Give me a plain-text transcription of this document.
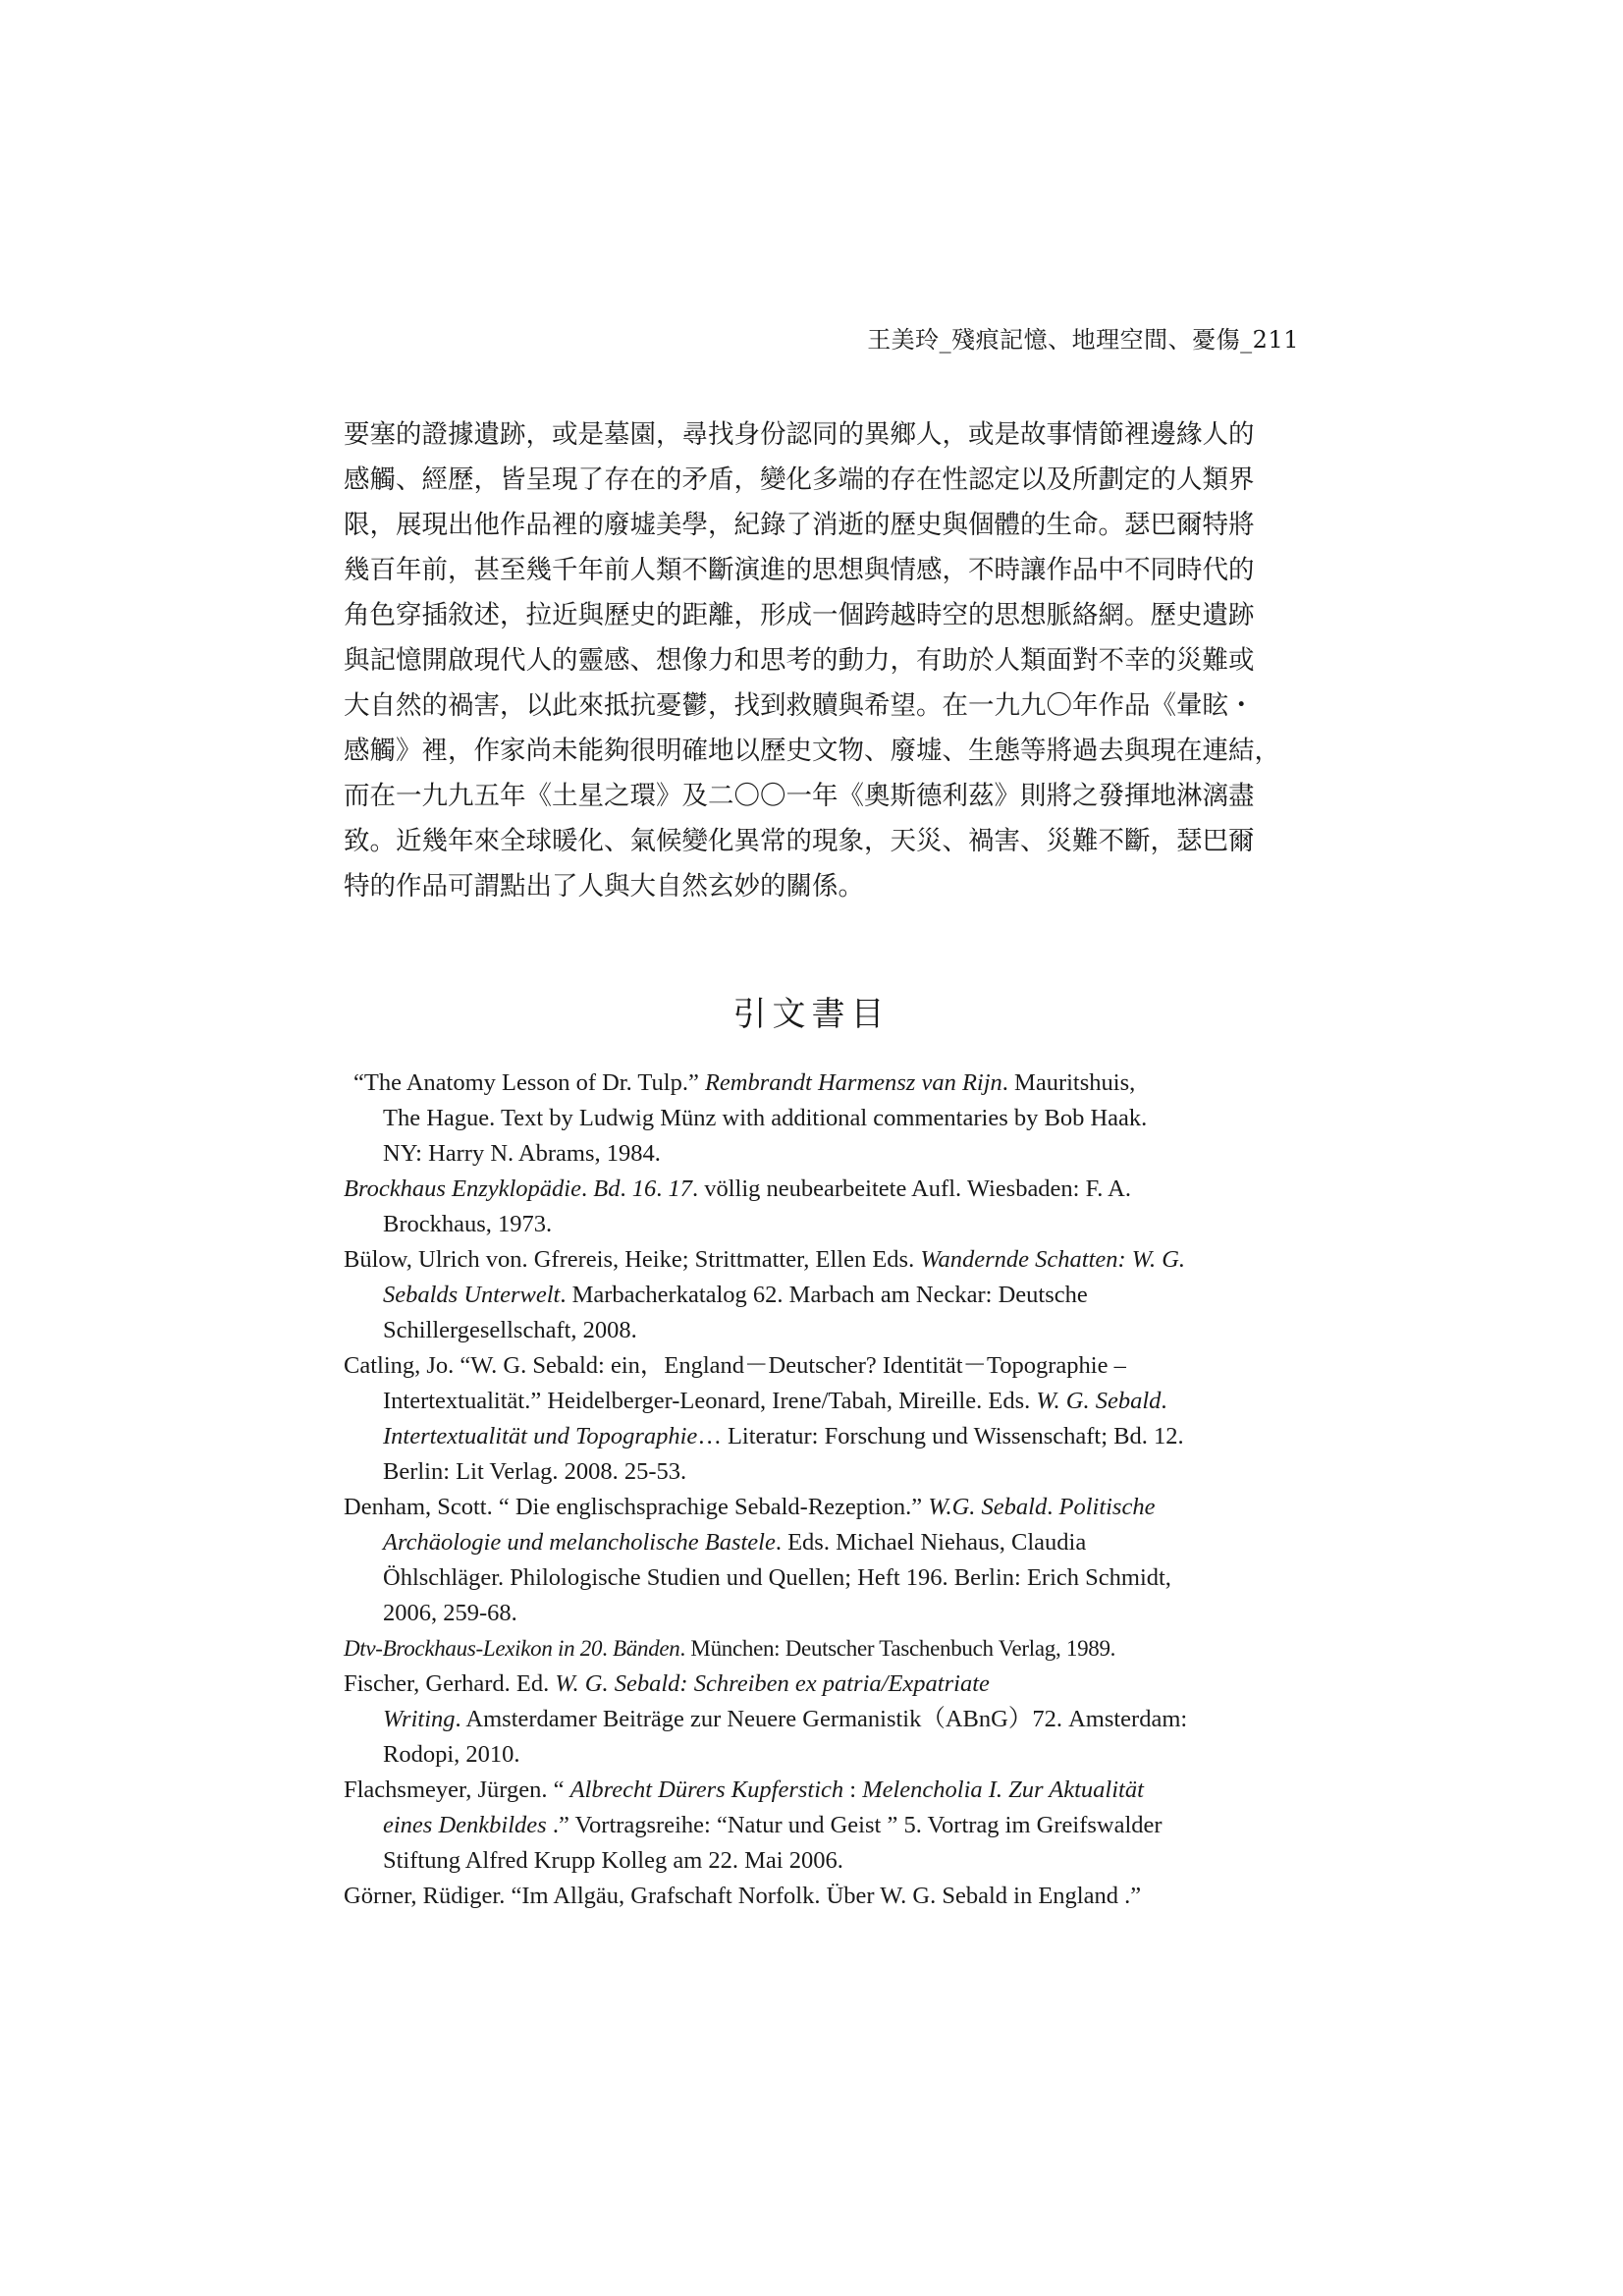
王美玲_殘痕記憶、地理空間、憂傷_211
要塞的證據遺跡，或是墓園，尋找身份認同的異鄉人，或是故事情節裡邊緣人的
感觸、經歷，皆呈現了存在的矛盾，變化多端的存在性認定以及所劃定的人類界
限，展現出他作品裡的廢墟美學，紀錄了消逝的歷史與個體的生命。瑟巴爾特將
幾百年前，甚至幾千年前人類不斷演進的思想與情感，不時讓作品中不同時代的
角色穿插敘述，拉近與歷史的距離，形成一個跨越時空的思想脈絡網。歷史遺跡
與記憶開啟現代人的靈感、想像力和思考的動力，有助於人類面對不幸的災難或
大自然的禍害，以此來抵抗憂鬱，找到救贖與希望。在一九九〇年作品《暈眩・
感觸》裡，作家尚未能夠很明確地以歷史文物、廢墟、生態等將過去與現在連結，
而在一九九五年《土星之環》及二〇〇一年《奧斯德利茲》則將之發揮地淋漓盡
致。近幾年來全球暖化、氣候變化異常的現象，天災、禍害、災難不斷，瑟巴爾
特的作品可謂點出了人與大自然玄妙的關係。
引文書目
“The Anatomy Lesson of Dr. Tulp.” Rembrandt Harmensz van Rijn. Mauritshuis,
The Hague. Text by Ludwig Münz with additional commentaries by Bob Haak.
NY: Harry N. Abrams, 1984.
Brockhaus Enzyklopädie. Bd. 16. 17. völlig neubearbeitete Aufl. Wiesbaden: F. A.
Brockhaus, 1973.
Bülow, Ulrich von. Gfrereis, Heike; Strittmatter, Ellen Eds. Wandernde Schatten: W. G.
Sebalds Unterwelt. Marbacherkatalog 62. Marbach am Neckar: Deutsche
Schillergesellschaft, 2008.
Catling, Jo. “W. G. Sebald: ein，England－Deutscher? Identität－Topographie –
Intertextualität.” Heidelberger-Leonard, Irene/Tabah, Mireille. Eds. W. G. Sebald.
Intertextualität und Topographie… Literatur: Forschung und Wissenschaft; Bd. 12.
Berlin: Lit Verlag. 2008. 25-53.
Denham, Scott. “ Die englischsprachige Sebald-Rezeption.” W.G. Sebald. Politische
Archäologie und melancholische Bastele. Eds. Michael Niehaus, Claudia
Öhlschläger. Philologische Studien und Quellen; Heft 196. Berlin: Erich Schmidt,
2006, 259-68.
Dtv-Brockhaus-Lexikon in 20. Bänden. München: Deutscher Taschenbuch Verlag, 1989.
Fischer, Gerhard. Ed. W. G. Sebald: Schreiben ex patria/Expatriate
Writing. Amsterdamer Beiträge zur Neuere Germanistik（ABnG）72. Amsterdam:
Rodopi, 2010.
Flachsmeyer, Jürgen. “ Albrecht Dürers Kupferstich : Melencholia I. Zur Aktualität
eines Denkbildes .” Vortragsreihe: “Natur und Geist ” 5. Vortrag im Greifswalder
Stiftung Alfred Krupp Kolleg am 22. Mai 2006.
Görner, Rüdiger. “Im Allgäu, Grafschaft Norfolk. Über W. G. Sebald in England .”
